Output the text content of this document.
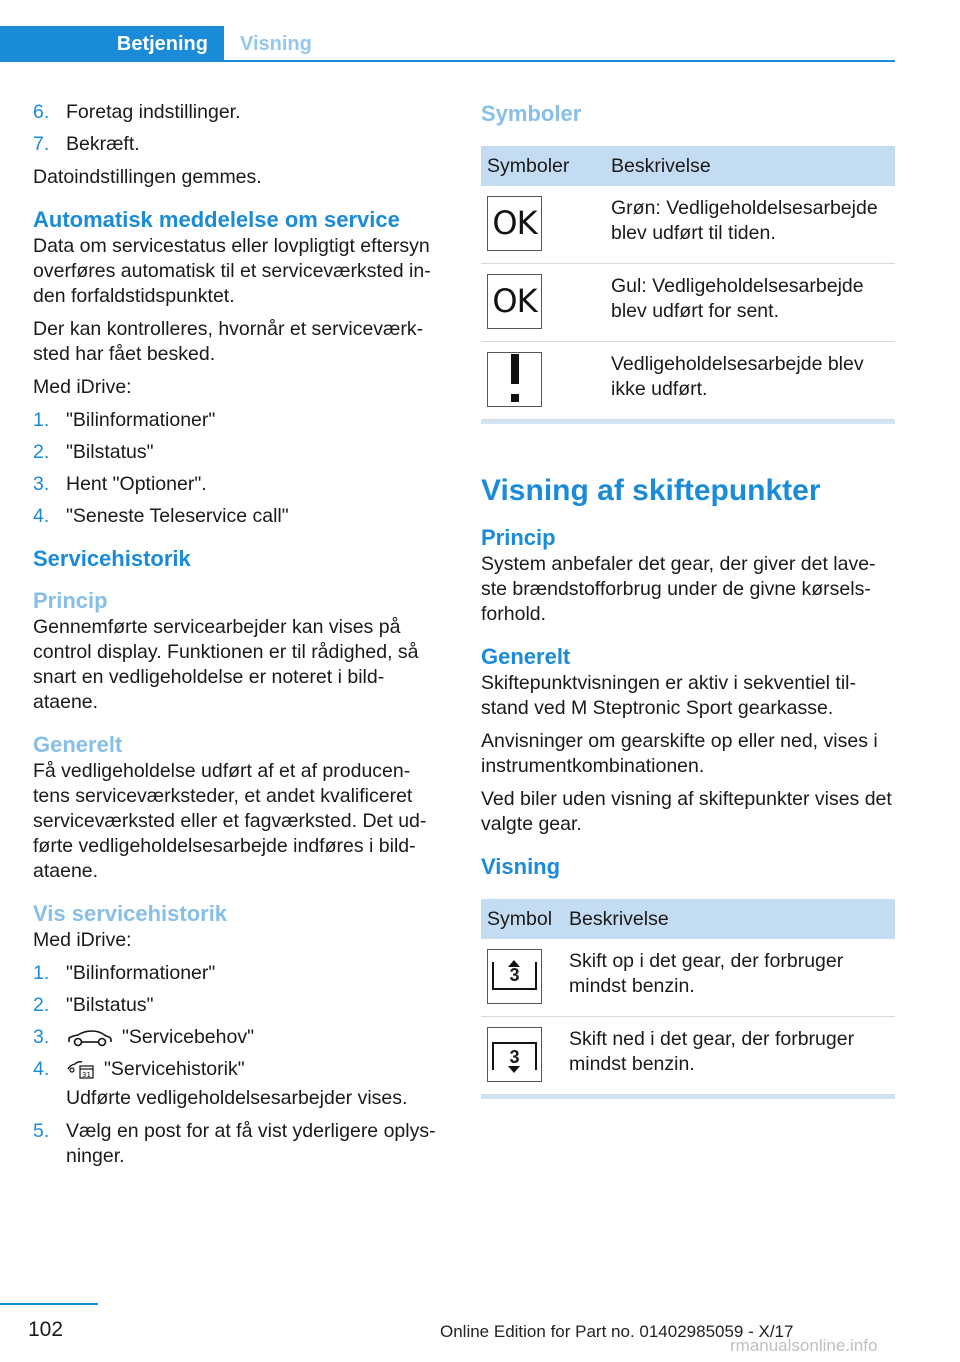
Betjening	Visning
6. Foretag indstillinger.
7. Bekræft.

Datoindstillingen gemmes.

Automatisk meddelelse om service

Data om servicestatus eller lovpligtigt eftersyn overføres automatisk til et serviceværksted in‐den forfaldstidspunktet.

Der kan kontrolleres, hvornår et serviceværk‐sted har fået besked.

Med iDrive:

1. "Bilinformationer"
2. "Bilstatus"
3. Hent "Optioner".
4. "Seneste Teleservice call"
Servicehistorik
Princip

Gennemførte servicearbejder kan vises på control display. Funktionen er til rådighed, så snart en vedligeholdelse er noteret i bild‐ataene.

Generelt

Få vedligeholdelse udført af et af producen‐tens serviceværksteder, et andet kvalificeret serviceværksted eller et fagværksted. Det ud‐førte vedligeholdelsesarbejde indføres i bild‐ataene.

Vis servicehistorik

Med iDrive:

1. "Bilinformationer"
2. "Bilstatus"
3.	"Servicebehov"
4.	31 "Servicehistorik"
Udførte vedligeholdelsesarbejder vises.
5. Vælg en post for at få vist yderligere oplys‐ninger.
Symboler
Symboler	Beskrivelse

OK	Grøn: Vedligeholdelsesarbejde blev udført til tiden.

OK	Gul: Vedligeholdelsesarbejde blev udført for sent.

	Vedligeholdelsesarbejde blev ikke udført.
Visning af skiftepunkter
Princip

System anbefaler det gear, der giver det lave‐ste brændstofforbrug under de givne kørsels‐forhold.

Generelt

Skiftepunktvisningen er aktiv i sekventiel til‐stand ved M Steptronic Sport gearkasse.

Anvisninger om gearskifte op eller ned, vises i instrumentkombinationen.

Ved biler uden visning af skiftepunkter vises det valgte gear.

Visning
Symbol	Beskrivelse

3	Skift op i det gear, der forbruger mindst benzin.

3	Skift ned i det gear, der forbruger mindst benzin.
102	Online Edition for Part no. 01402985059 - X/17
rmanualsonline.info
